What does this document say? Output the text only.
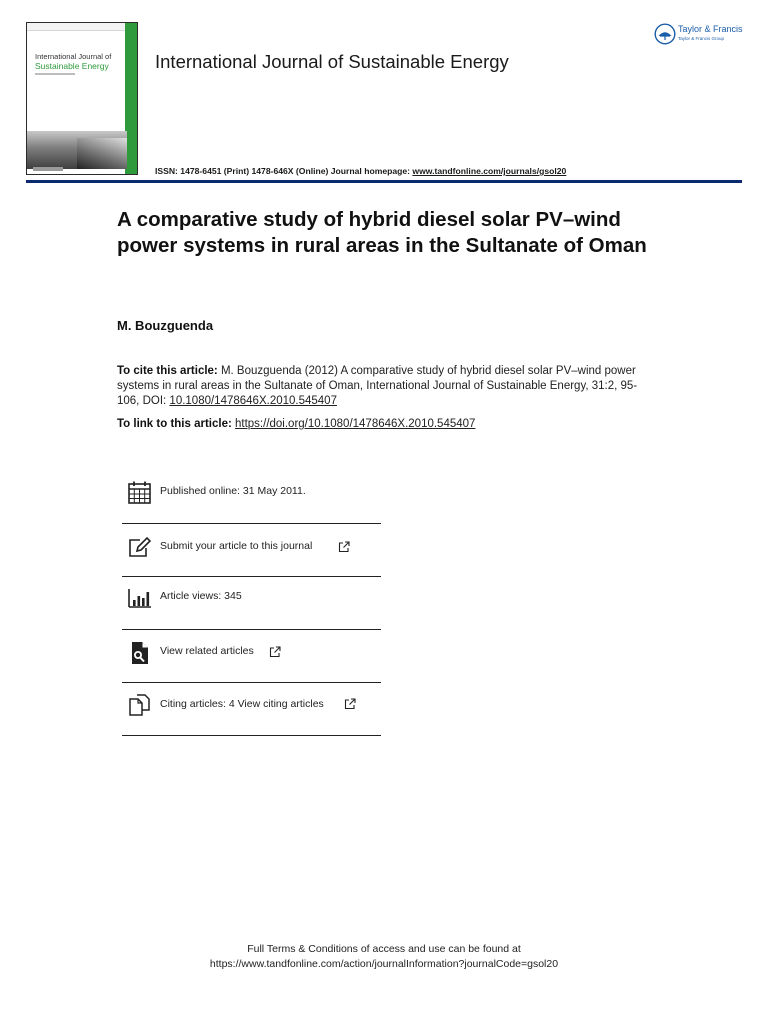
International Journal of
Sustainable Energy	International Journal of Sustainable Energy
ISSN: 1478-6451 (Print) 1478-646X (Online) Journal homepage: www.tandfonline.com/journals/gsol20
Taylor & Francis
Taylor & Francis Group
A comparative study of hybrid diesel solar PV–wind power systems in rural areas in the Sultanate of Oman
M. Bouzguenda
To cite this article: M. Bouzguenda (2012) A comparative study of hybrid diesel solar PV–wind power systems in rural areas in the Sultanate of Oman, International Journal of Sustainable Energy, 31:2, 95-106, DOI: 10.1080/1478646X.2010.545407
To link to this article: https://doi.org/10.1080/1478646X.2010.545407
Published online: 31 May 2011.
Submit your article to this journal
Article views: 345
View related articles
Citing articles: 4 View citing articles
Full Terms & Conditions of access and use can be found at
https://www.tandfonline.com/action/journalInformation?journalCode=gsol20
